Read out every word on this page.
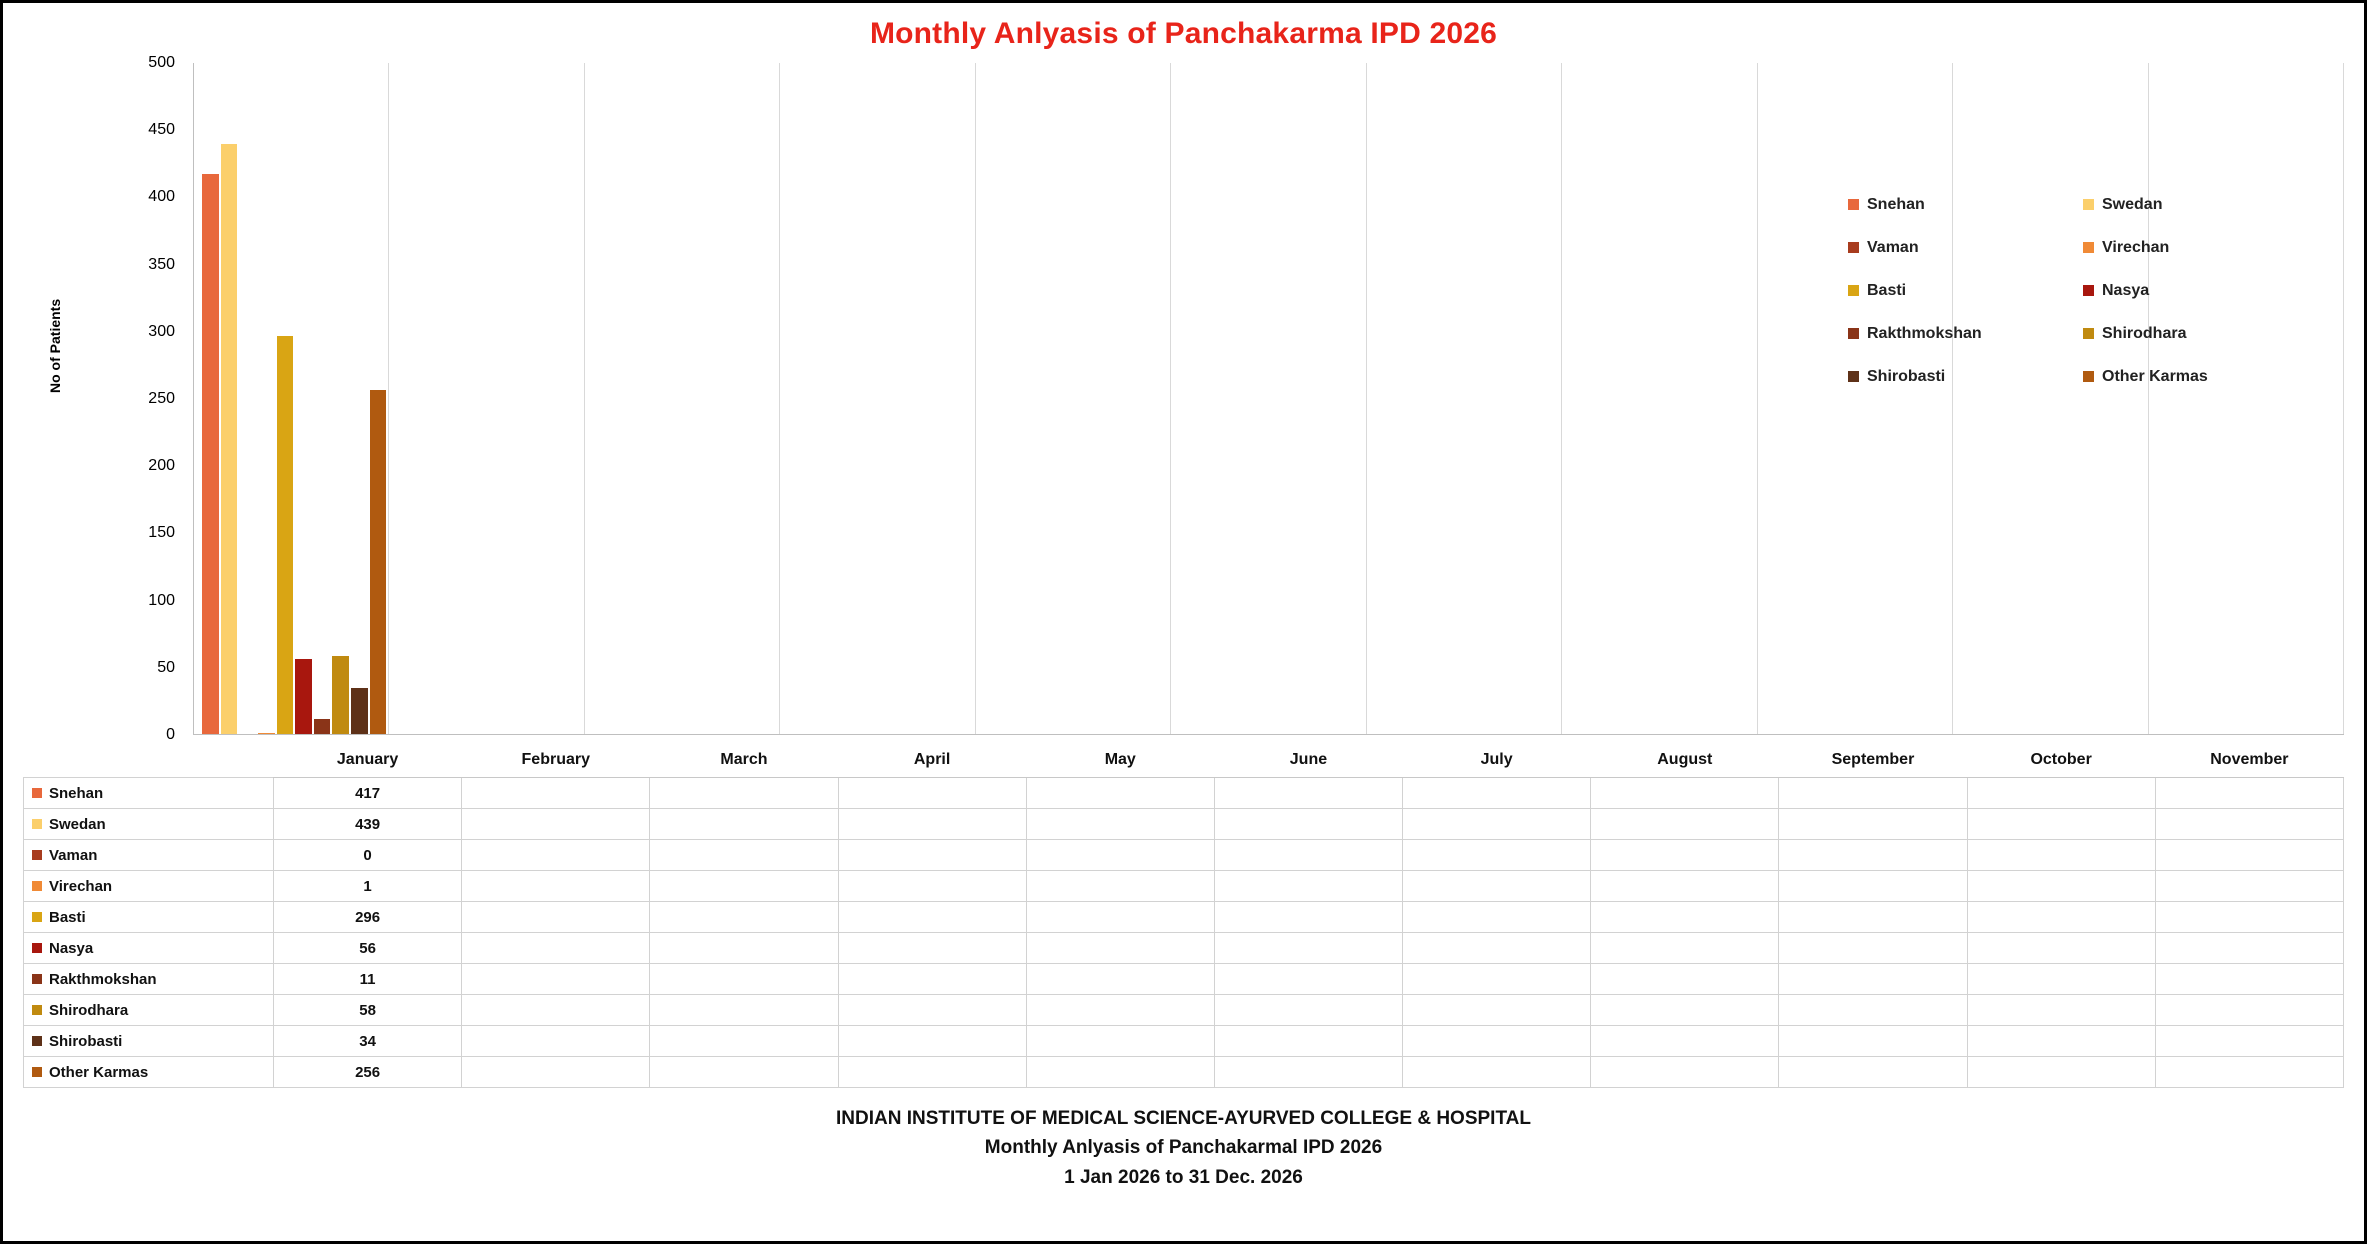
Monthly Anlyasis of Panchakarma IPD 2026
No of Patients
0
50
100
150
200
250
300
350
400
450
500
Snehan	Swedan
Vaman	Virechan
Basti	Nasya
Rakthmokshan	Shirodhara
Shirobasti	Other Karmas
	January	February	March	April	May	June	July	August	September	October	November
Snehan	417										
Swedan	439										
Vaman	0										
Virechan	1										
Basti	296										
Nasya	56										
Rakthmokshan	11										
Shirodhara	58										
Shirobasti	34										
Other Karmas	256										
INDIAN INSTITUTE OF MEDICAL SCIENCE-AYURVED COLLEGE & HOSPITAL
Monthly Anlyasis of Panchakarmal IPD 2026
1 Jan 2026 to 31 Dec. 2026
